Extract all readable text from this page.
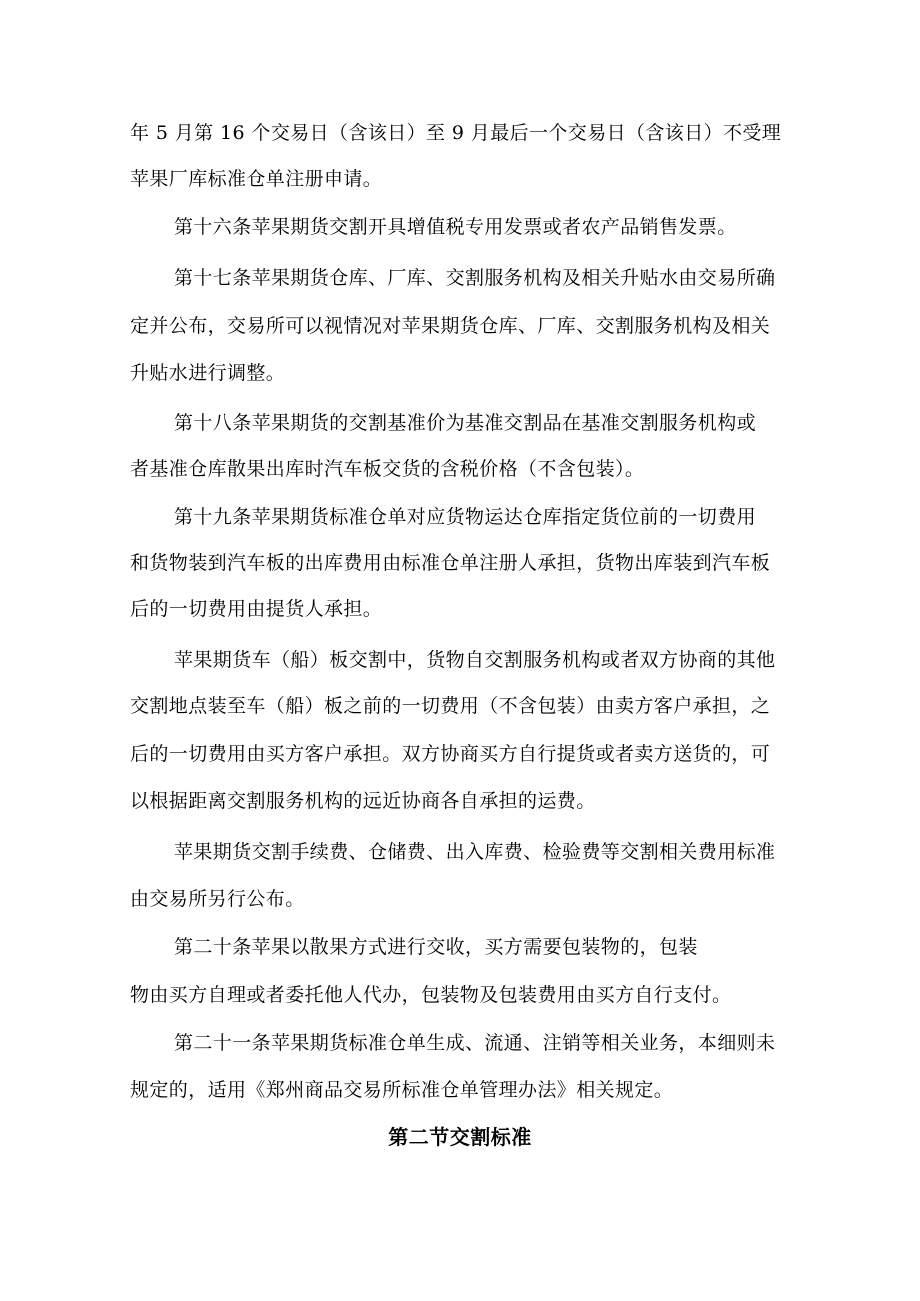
年 5 月第 16 个交易日（含该日）至 9 月最后一个交易日（含该日）不受理
苹果厂库标准仓单注册申请。
第十六条苹果期货交割开具增值税专用发票或者农产品销售发票。
第十七条苹果期货仓库、厂库、交割服务机构及相关升贴水由交易所确
定并公布，交易所可以视情况对苹果期货仓库、厂库、交割服务机构及相关
升贴水进行调整。
第十八条苹果期货的交割基准价为基准交割品在基准交割服务机构或
者基准仓库散果出库时汽车板交货的含税价格（不含包装）。
第十九条苹果期货标准仓单对应货物运达仓库指定货位前的一切费用
和货物装到汽车板的出库费用由标准仓单注册人承担，货物出库装到汽车板
后的一切费用由提货人承担。
苹果期货车（船）板交割中，货物自交割服务机构或者双方协商的其他
交割地点装至车（船）板之前的一切费用（不含包装）由卖方客户承担，之
后的一切费用由买方客户承担。双方协商买方自行提货或者卖方送货的，可
以根据距离交割服务机构的远近协商各自承担的运费。
苹果期货交割手续费、仓储费、出入库费、检验费等交割相关费用标准
由交易所另行公布。
第二十条苹果以散果方式进行交收，买方需要包装物的，包装
物由买方自理或者委托他人代办，包装物及包装费用由买方自行支付。
第二十一条苹果期货标准仓单生成、流通、注销等相关业务，本细则未
规定的，适用《郑州商品交易所标准仓单管理办法》相关规定。
第二节交割标准
